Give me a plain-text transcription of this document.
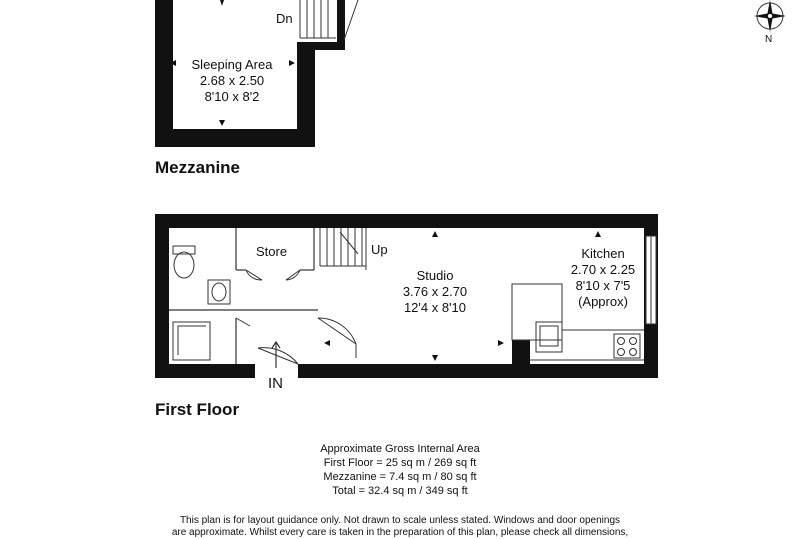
Dn
Sleeping Area
2.68 x 2.50
8'10 x 8'2
Mezzanine
Store	Up
Studio
3.76 x 2.70
12'4 x 8'10
Kitchen
2.70 x 2.25
8'10 x 7'5
(Approx)
IN
First Floor
N
Approximate Gross Internal Area
First Floor = 25 sq m / 269 sq ft
Mezzanine = 7.4 sq m / 80 sq ft
Total = 32.4 sq m / 349 sq ft
This plan is for layout guidance only. Not drawn to scale unless stated. Windows and door openings
are approximate. Whilst every care is taken in the preparation of this plan, please check all dimensions,
